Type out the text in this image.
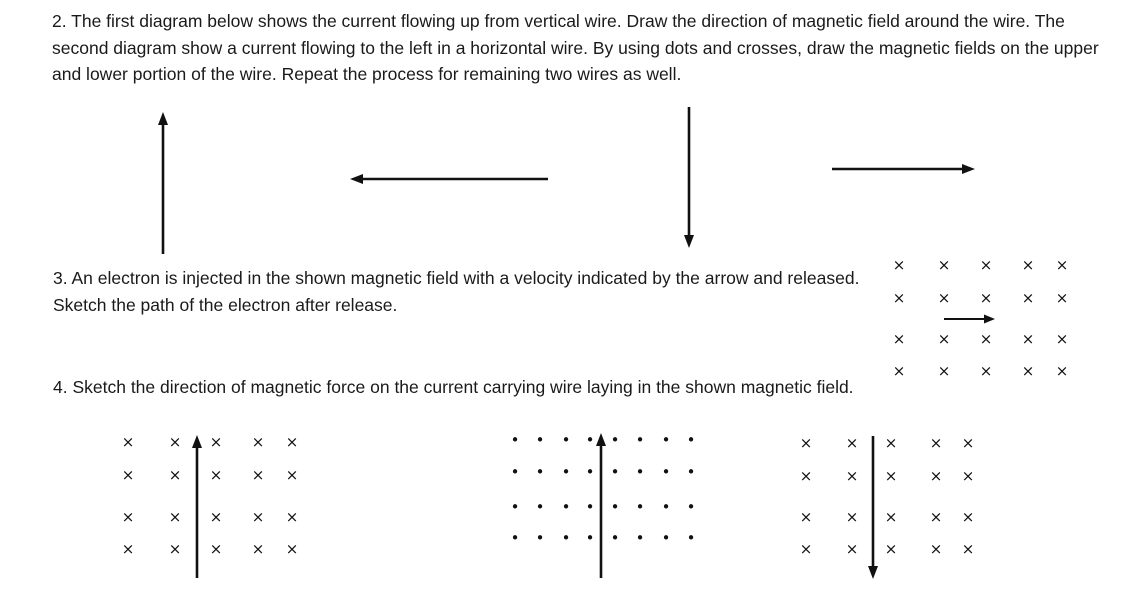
2. The first diagram below shows the current flowing up from vertical wire. Draw the direction of magnetic field around the wire. The second diagram show a current flowing to the left in a horizontal wire. By using dots and crosses, draw the magnetic fields on the upper and lower portion of the wire. Repeat the process for remaining two wires as well.

3. An electron is injected in the shown magnetic field with a velocity indicated by the arrow and released. Sketch the path of the electron after release.

4. Sketch the direction of magnetic force on the current carrying wire laying in the shown magnetic field.

× × × × ×
× × × × ×
× × × × ×
× × × × ×
× × × × ×
× × × × ×
× × × × ×
× × × × ×
• • • • • • • •
• • • • • • • •
• • • • • • • •
• • • • • • • •
× × × × ×
× × × × ×
× × × × ×
× × × × ×
